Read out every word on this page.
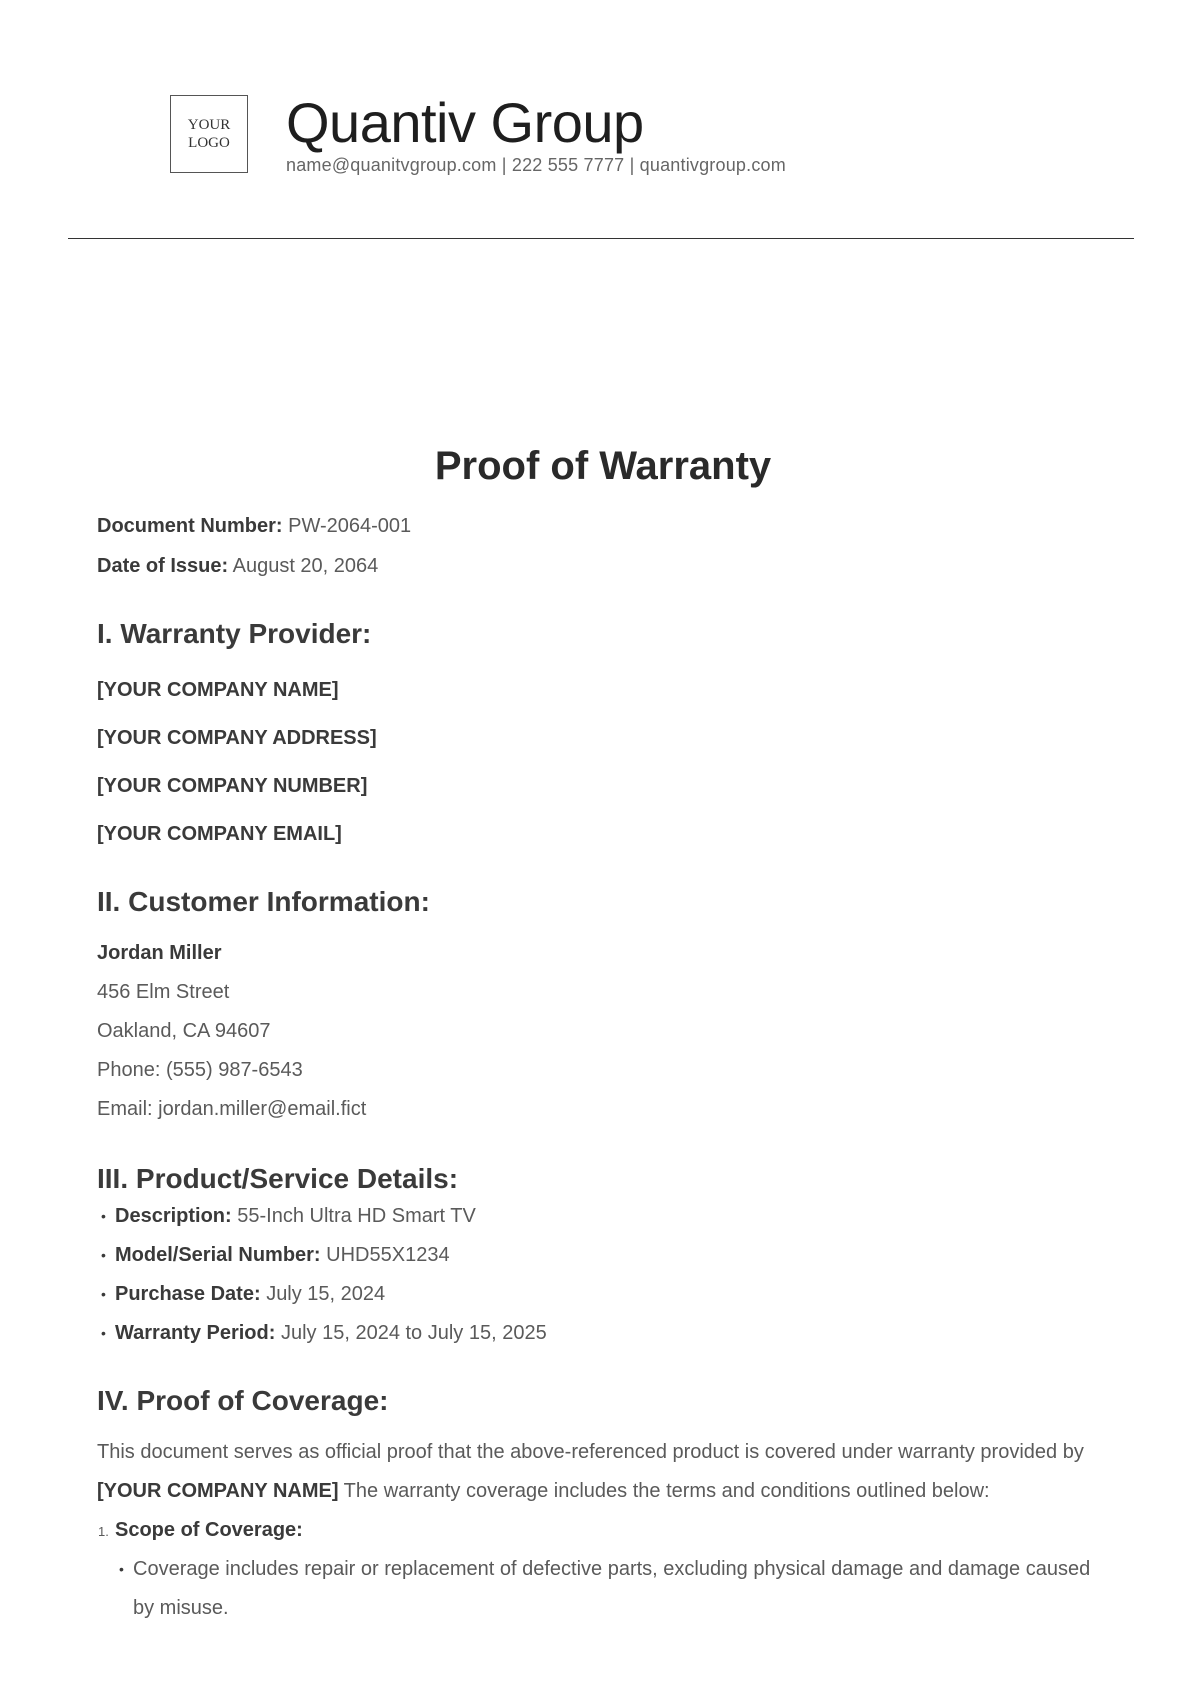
YOUR
LOGO Quantiv Group
name@quanitvgroup.com | 222 555 7777 | quantivgroup.com
Proof of Warranty
Document Number: PW-2064-001
Date of Issue: August 20, 2064
I. Warranty Provider:
[YOUR COMPANY NAME]
[YOUR COMPANY ADDRESS]
[YOUR COMPANY NUMBER]
[YOUR COMPANY EMAIL]
II. Customer Information:
Jordan Miller
456 Elm Street
Oakland, CA 94607
Phone: (555) 987-6543
Email: jordan.miller@email.fict
III. Product/Service Details:
• Description: 55-Inch Ultra HD Smart TV
• Model/Serial Number: UHD55X1234
• Purchase Date: July 15, 2024
• Warranty Period: July 15, 2024 to July 15, 2025
IV. Proof of Coverage:

This document serves as official proof that the above-referenced product is covered under warranty provided by [YOUR COMPANY NAME] The warranty coverage includes the terms and conditions outlined below:

1. Scope of Coverage:
• Coverage includes repair or replacement of defective parts, excluding physical damage and damage caused by misuse.
